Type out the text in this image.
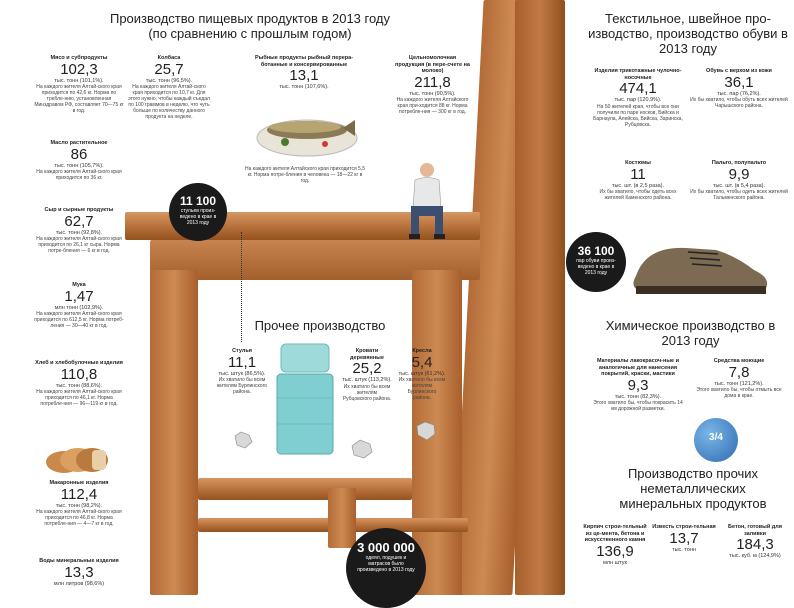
Производство пищевых продуктов в 2013 году
(по сравнению с прошлым годом)
Мясо и субпродукты
102,3
тыс. тонн (101,1%).
На каждого жителя Алтай-ского края приходится по 42,6 кг. Норма по требле-нию, установленная Минздравом РФ, составляет 70—75 кг в год.
Масло растительное
86
тыс. тонн (105,7%).
На каждого жителя Алтай-ского края приходится по 36 кг.
Сыр и сырные продукты
62,7
тыс. тонн (92,8%).
На каждого жителя Алтай-ского края приходится по 26,1 кг сыра. Норма потре-бления — 6 кг в год.
Мука
1,47
млн тонн (102,9%).
На каждого жителя Алтай-ского края приходится по 612,5 кг. Норма потреб-ления — 30—40 кг в год.
Хлеб и хлебобулочные изделия
110,8
тыс. тонн (88,6%).
На каждого жителя Алтай-ского края приходится по 46,1 кг. Норма потребле-ния — 96—119 кг в год.
Макаронные изделия
112,4
тыс. тонн (98,2%).
На каждого жителя Алтай-ского края приходится по 46,8 кг. Норма потребле-ния — 4—7 кг в год.
Воды минеральные изделия
13,3
млн литров (98,6%)
Колбаса
25,7
тыс. тонн (96,5%).
На каждого жителя Алтай-ского края приходится по 10,7 кг. Для этого нужно, чтобы каждый съедал по 100 граммов в неделю, что чуть больше по количеству данного продукта на неделе.
Рыбные продукты рыбный перера-ботанные и консервированные
13,1
тыс. тонн (107,6%).
На каждого жителя Алтайского края приходится 5,5 кг. Норма потре-бления в человека — 18—22 кг в год.
Цельномолочная продукция (в пере-счете на молоко)
211,8
тыс. тонн (90,5%).
На каждого жителя Алтайского края при-ходится 88 кг. Норма потребле-ния — 300 кг в год.
11 100
стульев произ-ведено в крае в 2013 году
36 100
пар обуви произ-ведено в крае в 2013 году
3 000 000
одеял, подушек и матрасов было произведено в 2013 году
Прочее производство
Стулья
11,1
тыс. штук (86,5%).
Их хватило бы всем жителям Бурлинского района.
Кровати деревянные
25,2
тыс. штук (113,2%).
Их хватило бы всем жителям Рубцовского района.
Кресла
5,4
тыс. штук (61,2%).
Их хватило бы всем жителям Бурлинского района.
Текстильное, швейное про-изводство, производство обуви в 2013 году
Изделия трикотажные чулочно-носочные
474,1
тыс. пар (120,9%).
На 50 жителей края, чтобы все они получили по паре носков, Бийска и Барнаула, Алейска, Бийска, Заринска, Рубцовска.
Обувь с верхом из кожи
36,1
тыс. пар (76,2%).
Их бы хватило, чтобы обуть всех жителей Чарышского района.
Костюмы
11
тыс. шт. (в 2,5 раза).
Их бы хватило, чтобы одеть всех жителей Каменского района.
Пальто, полупальто
9,9
тыс. шт. (в 5,4 раза).
Их бы хватило, чтобы одеть всех жителей Тальменского района.
Химическое производство в 2013 году
Материалы лакокрасоч-ные и аналогичные для нанесения покрытий, краски, мастики
9,3
тыс. тонн (82,3%).
Этого хватило бы, чтобы покрасить 14 км дорожной разметки.
Средства моющие
7,8
тыс. тонн (121,2%).
Этого хватило бы, чтобы отмыть все дома в крае.
3/4
Производство прочих неметаллических минеральных продуктов
Кирпич строи-тельный из це-мента, бетона и искусственного камня
136,9
млн штук
Известь строи-тельная
13,7
тыс. тонн
Бетон, готовый для заливки
184,3
тыс. куб. м (124,9%)
